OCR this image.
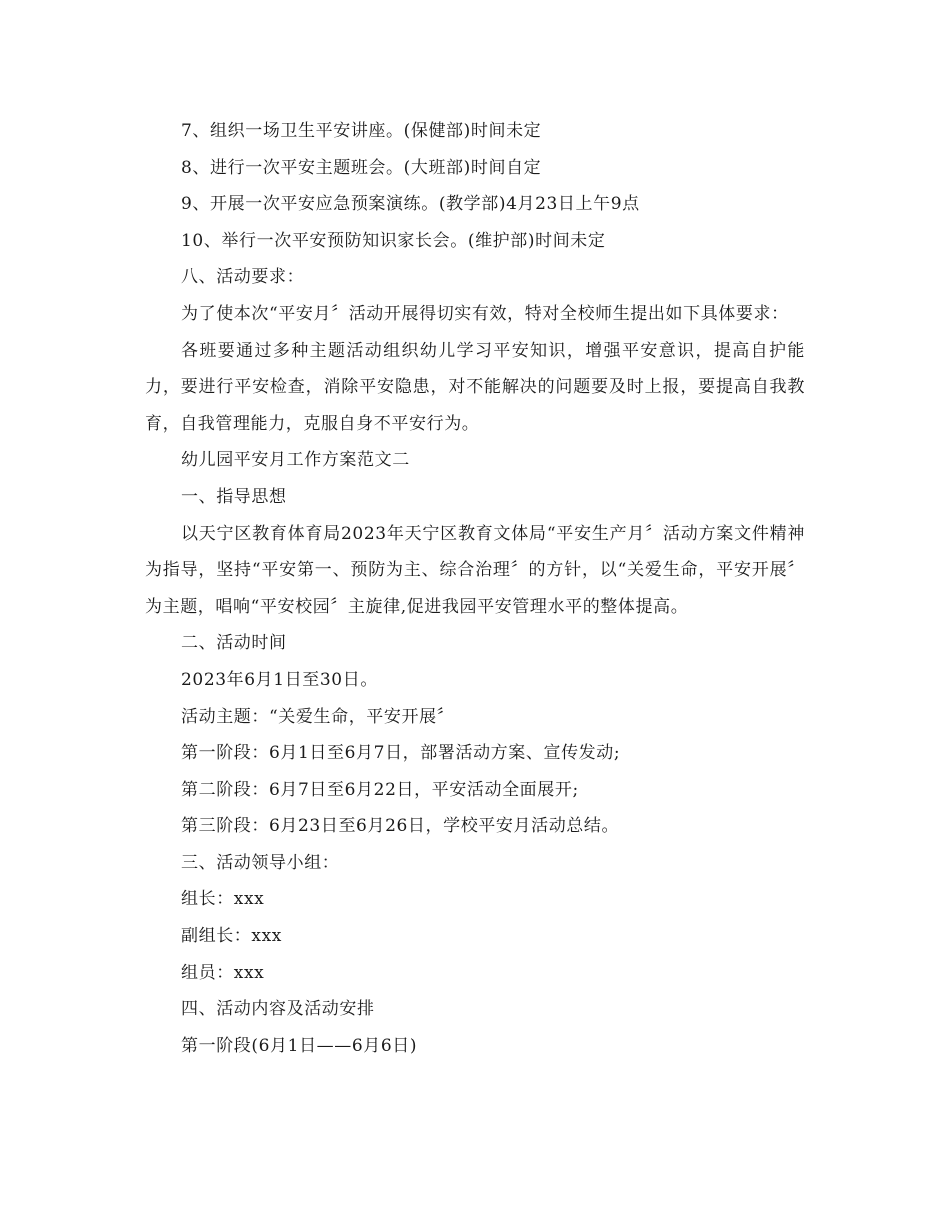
7、组织一场卫生平安讲座。(保健部)时间未定

8、进行一次平安主题班会。(大班部)时间自定

9、开展一次平安应急预案演练。(教学部)4月23日上午9点

10、举行一次平安预防知识家长会。(维护部)时间未定

八、活动要求：

为了使本次“平安月〞活动开展得切实有效，特对全校师生提出如下具体要求：

各班要通过多种主题活动组织幼儿学习平安知识，增强平安意识，提高自护能力，要进行平安检查，消除平安隐患，对不能解决的问题要及时上报，要提高自我教育，自我管理能力，克服自身不平安行为。

幼儿园平安月工作方案范文二

一、指导思想

以天宁区教育体育局2023年天宁区教育文体局“平安生产月〞活动方案文件精神为指导，坚持“平安第一、预防为主、综合治理〞的方针，以“关爱生命，平安开展〞为主题，唱响“平安校园〞主旋律,促进我园平安管理水平的整体提高。

二、活动时间

2023年6月1日至30日。

活动主题：“关爱生命，平安开展〞

第一阶段：6月1日至6月7日，部署活动方案、宣传发动;

第二阶段：6月7日至6月22日，平安活动全面展开;

第三阶段：6月23日至6月26日，学校平安月活动总结。

三、活动领导小组：

组长：xxx

副组长：xxx

组员：xxx

四、活动内容及活动安排

第一阶段(6月1日——6月6日)
